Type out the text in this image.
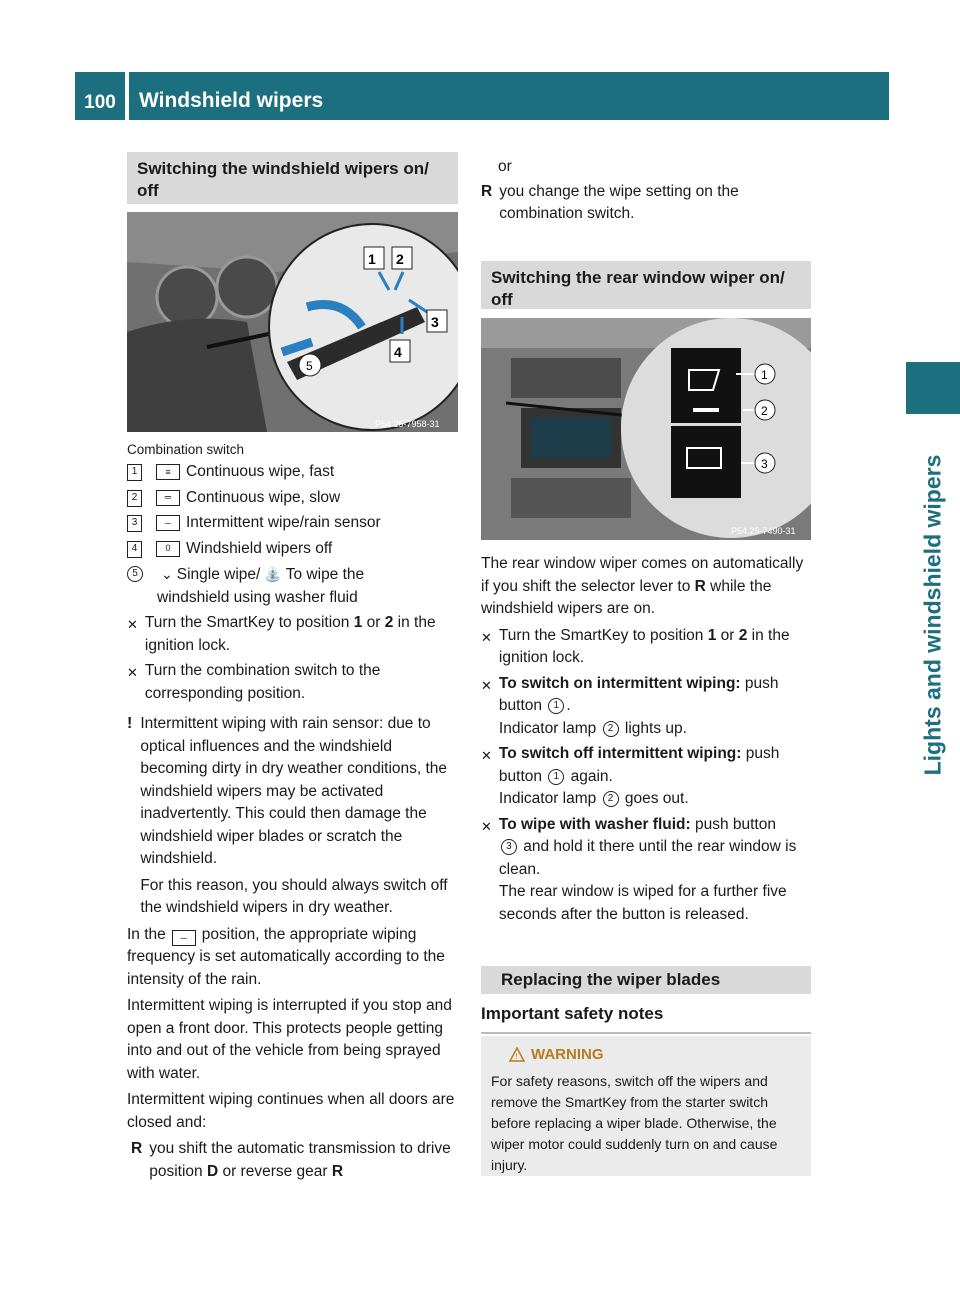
100	Windshield wipers
Lights and windshield wipers
Switching the windshield wipers on/ off
1 2
3
4
5
P54.25-7958-31

Combination switch

1	≡ Continuous wipe, fast
2	═ Continuous wipe, slow
3	─ Intermittent wipe/rain sensor
4	0	Windshield wipers off
5	⌄ Single wipe/ ⛲ To wipe the
windshield using washer fluid
✕ Turn the SmartKey to position 1 or 2 in the ignition lock.
✕ Turn the combination switch to the corresponding position.
! Intermittent wiping with rain sensor: due to optical influences and the windshield becoming dirty in dry weather conditions, the windshield wipers may be activated inadvertently. This could then damage the windshield wiper blades or scratch the windshield.

For this reason, you should always switch off the windshield wipers in dry weather.

In the ─ position, the appropriate wiping frequency is set automatically according to the intensity of the rain.

Intermittent wiping is interrupted if you stop and open a front door. This protects people getting into and out of the vehicle from being sprayed with water.

Intermittent wiping continues when all doors are closed and:

R you shift the automatic transmission to drive position D or reverse gear R

or

R you change the wipe setting on the combination switch.
Switching the rear window wiper on/ off
1
2
3
P54.25-7490-31

The rear window wiper comes on automatically if you shift the selector lever to R while the windshield wipers are on.

✕ Turn the SmartKey to position 1 or 2 in the ignition lock.
✕ To switch on intermittent wiping: push button 1 .
Indicator lamp 2 lights up.
✕ To switch off intermittent wiping: push button 1 again.
Indicator lamp 2 goes out.
✕ To wipe with washer fluid: push button
3 and hold it there until the rear window is clean.
The rear window is wiped for a further five seconds after the button is released.
Replacing the wiper blades
Important safety notes
! WARNING

For safety reasons, switch off the wipers and remove the SmartKey from the starter switch before replacing a wiper blade. Otherwise, the wiper motor could suddenly turn on and cause injury.
